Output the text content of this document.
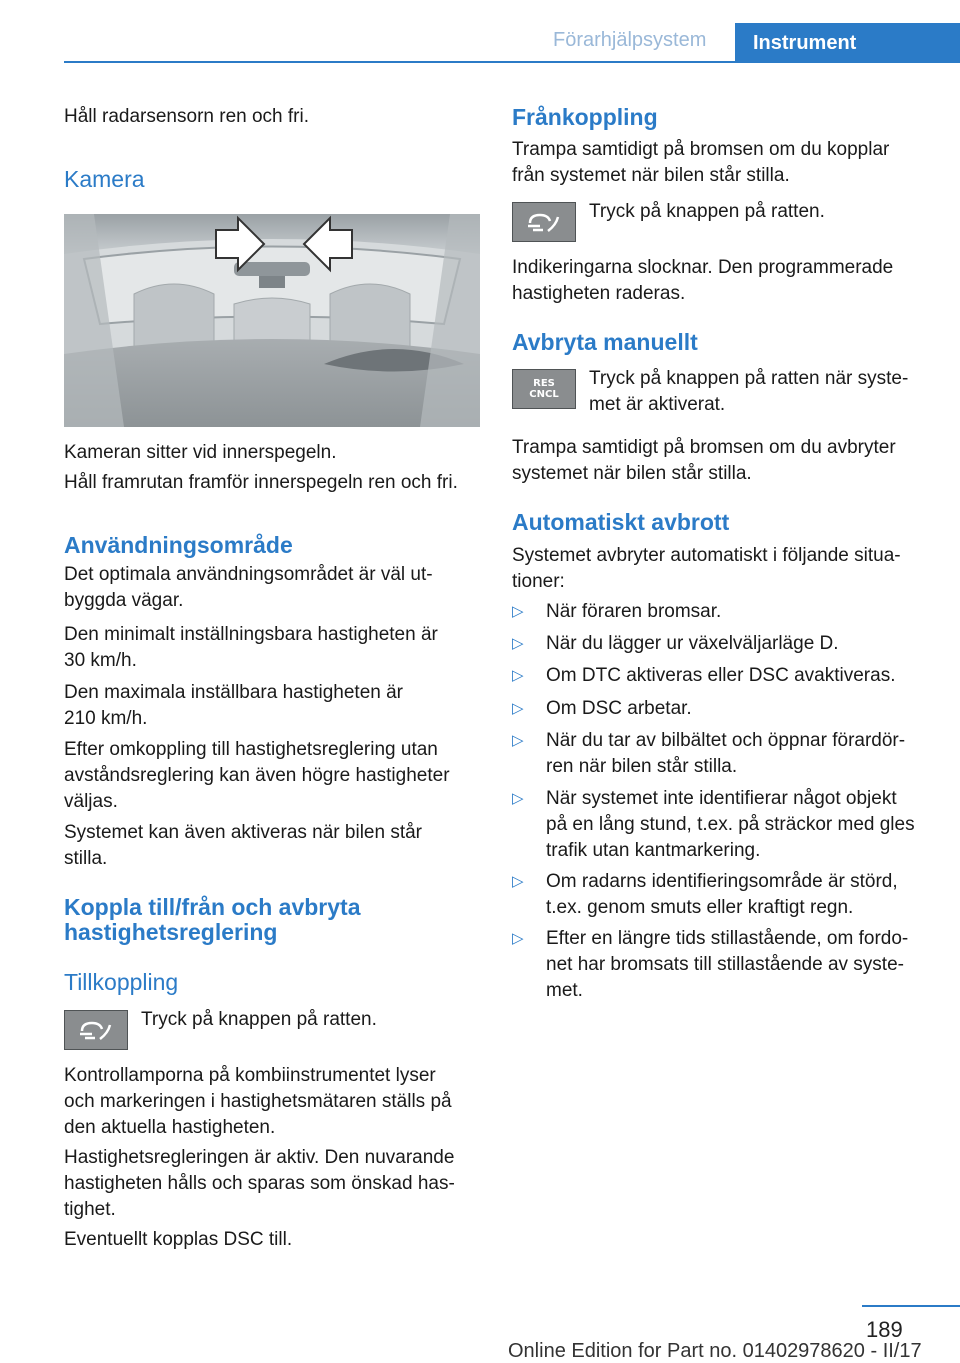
Förarhjälpsystem	Instrument

Håll radarsensorn ren och fri.

Kamera

Kameran sitter vid innerspegeln.

Håll framrutan framför innerspegeln ren och fri.

Användningsområde

Det optimala användningsområdet är väl ut‐

byggda vägar.

Den minimalt inställningsbara hastigheten är

30 km/h.

Den maximala inställbara hastigheten är

210 km/h.

Efter omkoppling till hastighetsreglering utan

avståndsreglering kan även högre hastigheter

väljas.

Systemet kan även aktiveras när bilen står

stilla.

Koppla till/från och avbryta

hastighetsreglering

Tillkoppling

Tryck på knappen på ratten.

Kontrollamporna på kombiinstrumentet lyser

och markeringen i hastighetsmätaren ställs på

den aktuella hastigheten.

Hastighetsregleringen är aktiv. Den nuvarande

hastigheten hålls och sparas som önskad has‐

tighet.

Eventuellt kopplas DSC till.

Frånkoppling

Trampa samtidigt på bromsen om du kopplar

från systemet när bilen står stilla.

Tryck på knappen på ratten.

Indikeringarna slocknar. Den programmerade

hastigheten raderas.

Avbryta manuellt

RES
CNCL

Tryck på knappen på ratten när syste‐

met är aktiverat.

Trampa samtidigt på bromsen om du avbryter

systemet när bilen står stilla.

Automatiskt avbrott

Systemet avbryter automatiskt i följande situa‐

tioner:

▷ När föraren bromsar.
▷ När du lägger ur växelväljarläge D.
▷ Om DTC aktiveras eller DSC avaktiveras.
▷ Om DSC arbetar.
▷ När du tar av bilbältet och öppnar förardör‐
ren när bilen står stilla.
▷ När systemet inte identifierar något objekt
på en lång stund, t.ex. på sträckor med gles
trafik utan kantmarkering.
▷ Om radarns identifieringsområde är störd,
t.ex. genom smuts eller kraftigt regn.
▷ Efter en längre tids stillastående, om fordo‐
net har bromsats till stillastående av syste‐
met.
189
Online Edition for Part no. 01402978620 - II/17
